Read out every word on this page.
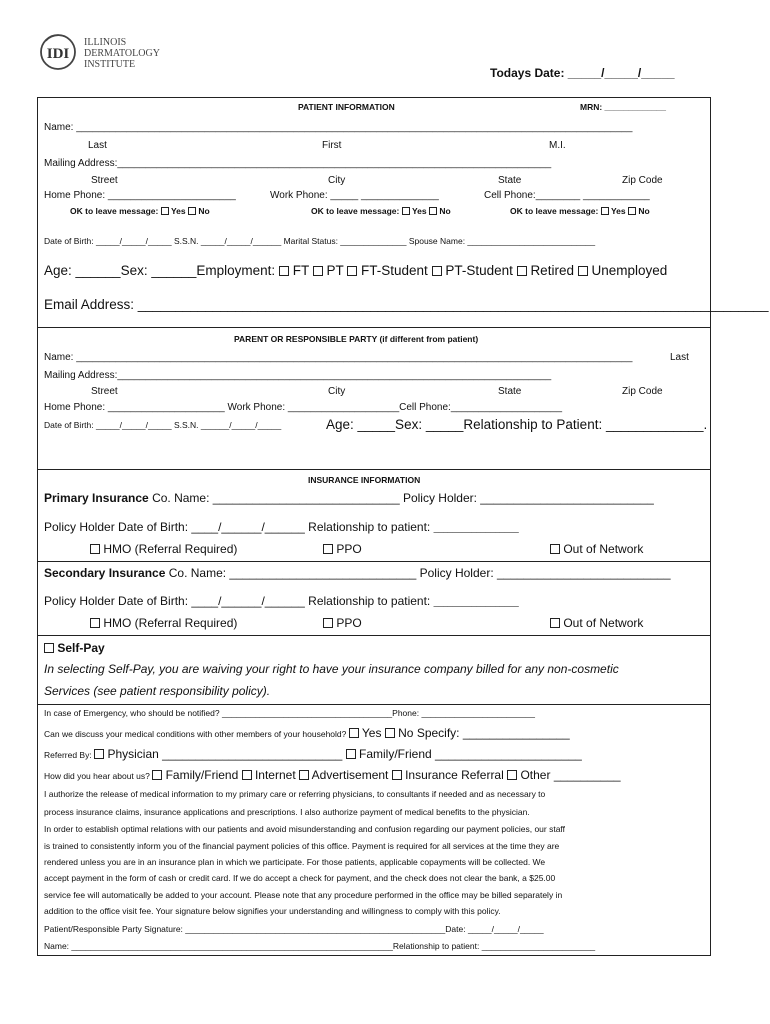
IDI
ILLINOIS
DERMATOLOGY
INSTITUTE
Todays Date: _____/_____/_____
PATIENT INFORMATION	MRN: _____________
Name: ____________________________________________________________________________________________________
Last	First	M.I.
Mailing Address:______________________________________________________________________________
Street	City	State	Zip Code
Home Phone: _______________________	Work Phone: _____ ______________	Cell Phone:________ ____________
OK to leave message: Yes No	OK to leave message: Yes No	OK to leave message: Yes No
Date of Birth: _____/_____/_____ S.S.N. _____/_____/______ Marital Status: ______________ Spouse Name: ___________________________
Age: ______Sex: ______Employment: FT PT FT-Student PT-Student Retired Unemployed
Email Address: ____________________________________________________________________________________
PARENT OR RESPONSIBLE PARTY (if different from patient)
Name: ____________________________________________________________________________________________________	Last
Mailing Address:______________________________________________________________________________
Street	City	State	Zip Code
Home Phone: _____________________ Work Phone: ____________________Cell Phone:____________________
Date of Birth: _____/_____/_____ S.S.N. ______/_____/_____	Age: _____Sex: _____Relationship to Patient: _____________.
INSURANCE INFORMATION
Primary Insurance Co. Name: ____________________________ Policy Holder: __________________________
Policy Holder Date of Birth: ____/______/______ Relationship to patient: __________________
HMO (Referral Required)	PPO	Out of Network
Secondary Insurance Co. Name: ____________________________ Policy Holder: __________________________
Policy Holder Date of Birth: ____/______/______ Relationship to patient: __________________
HMO (Referral Required)	PPO	Out of Network
Self-Pay
In selecting Self-Pay, you are waiving your right to have your insurance company billed for any non-cosmetic
Services (see patient responsibility policy).
In case of Emergency, who should be notified? ____________________________________Phone: ________________________
Can we discuss your medical conditions with other members of your household? Yes No Specify: ________________
Referred By: Physician ___________________________ Family/Friend ______________________
How did you hear about us? Family/Friend Internet Advertisement Insurance Referral Other __________
I authorize the release of medical information to my primary care or referring physicians, to consultants if needed and as necessary to
process insurance claims, insurance applications and prescriptions. I also authorize payment of medical benefits to the physician.
In order to establish optimal relations with our patients and avoid misunderstanding and confusion regarding our payment policies, our staff
is trained to consistently inform you of the financial payment policies of this office. Payment is required for all services at the time they are
rendered unless you are in an insurance plan in which we participate. For those patients, applicable copayments will be collected. We
accept payment in the form of cash or credit card. If we do accept a check for payment, and the check does not clear the bank, a $25.00
service fee will automatically be added to your account. Please note that any procedure performed in the office may be billed separately in
addition to the office visit fee. Your signature below signifies your understanding and willingness to comply with this policy.
Patient/Responsible Party Signature: _______________________________________________________Date: _____/_____/_____
Name: ____________________________________________________________________Relationship to patient: ________________________
